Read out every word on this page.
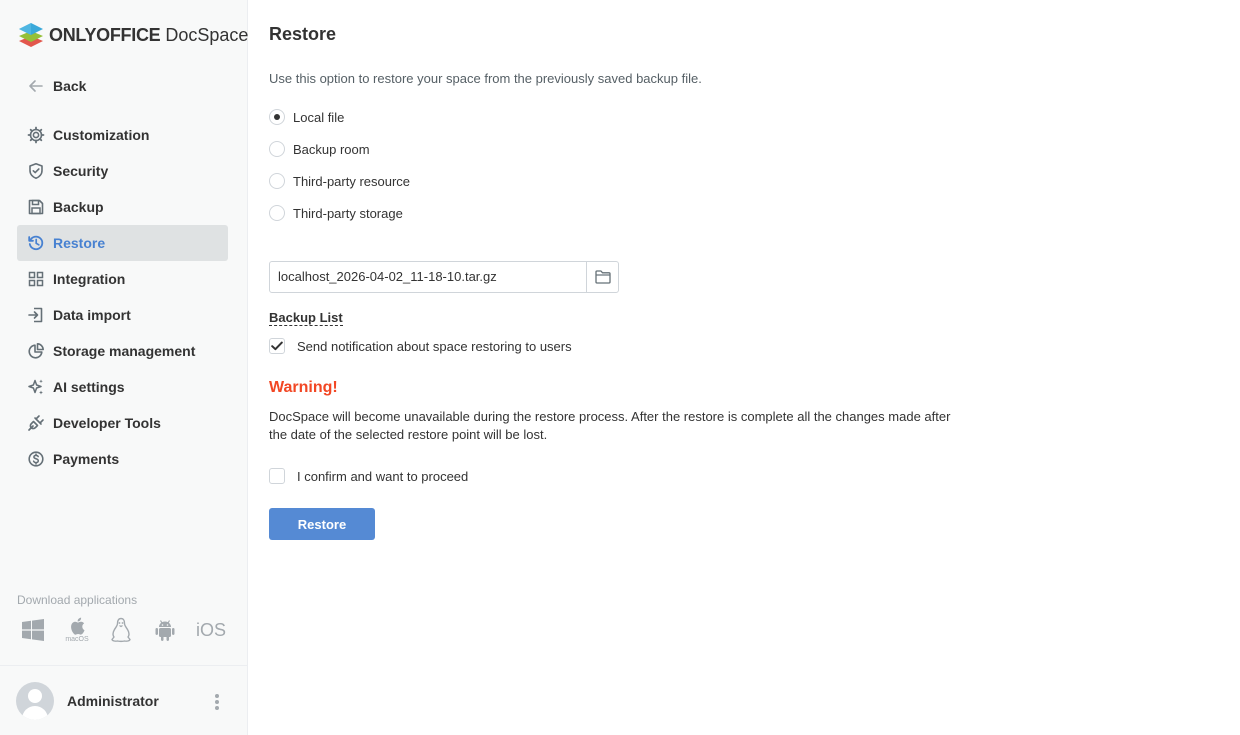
ONLYOFFICE DocSpace
Back
Customization
Security
Backup
Restore
Integration
Data import
Storage management
AI settings
Developer Tools
Payments
Download applications
macOS	iOS
Administrator
Restore

Use this option to restore your space from the previously saved backup file.

Local file
Backup room
Third-party resource
Third-party storage
localhost_2026-04-02_11-18-10.tar.gz
Backup List
Send notification about space restoring to users
Warning!

DocSpace will become unavailable during the restore process. After the restore is complete all the changes made after the date of the selected restore point will be lost.

I confirm and want to proceed
Restore
